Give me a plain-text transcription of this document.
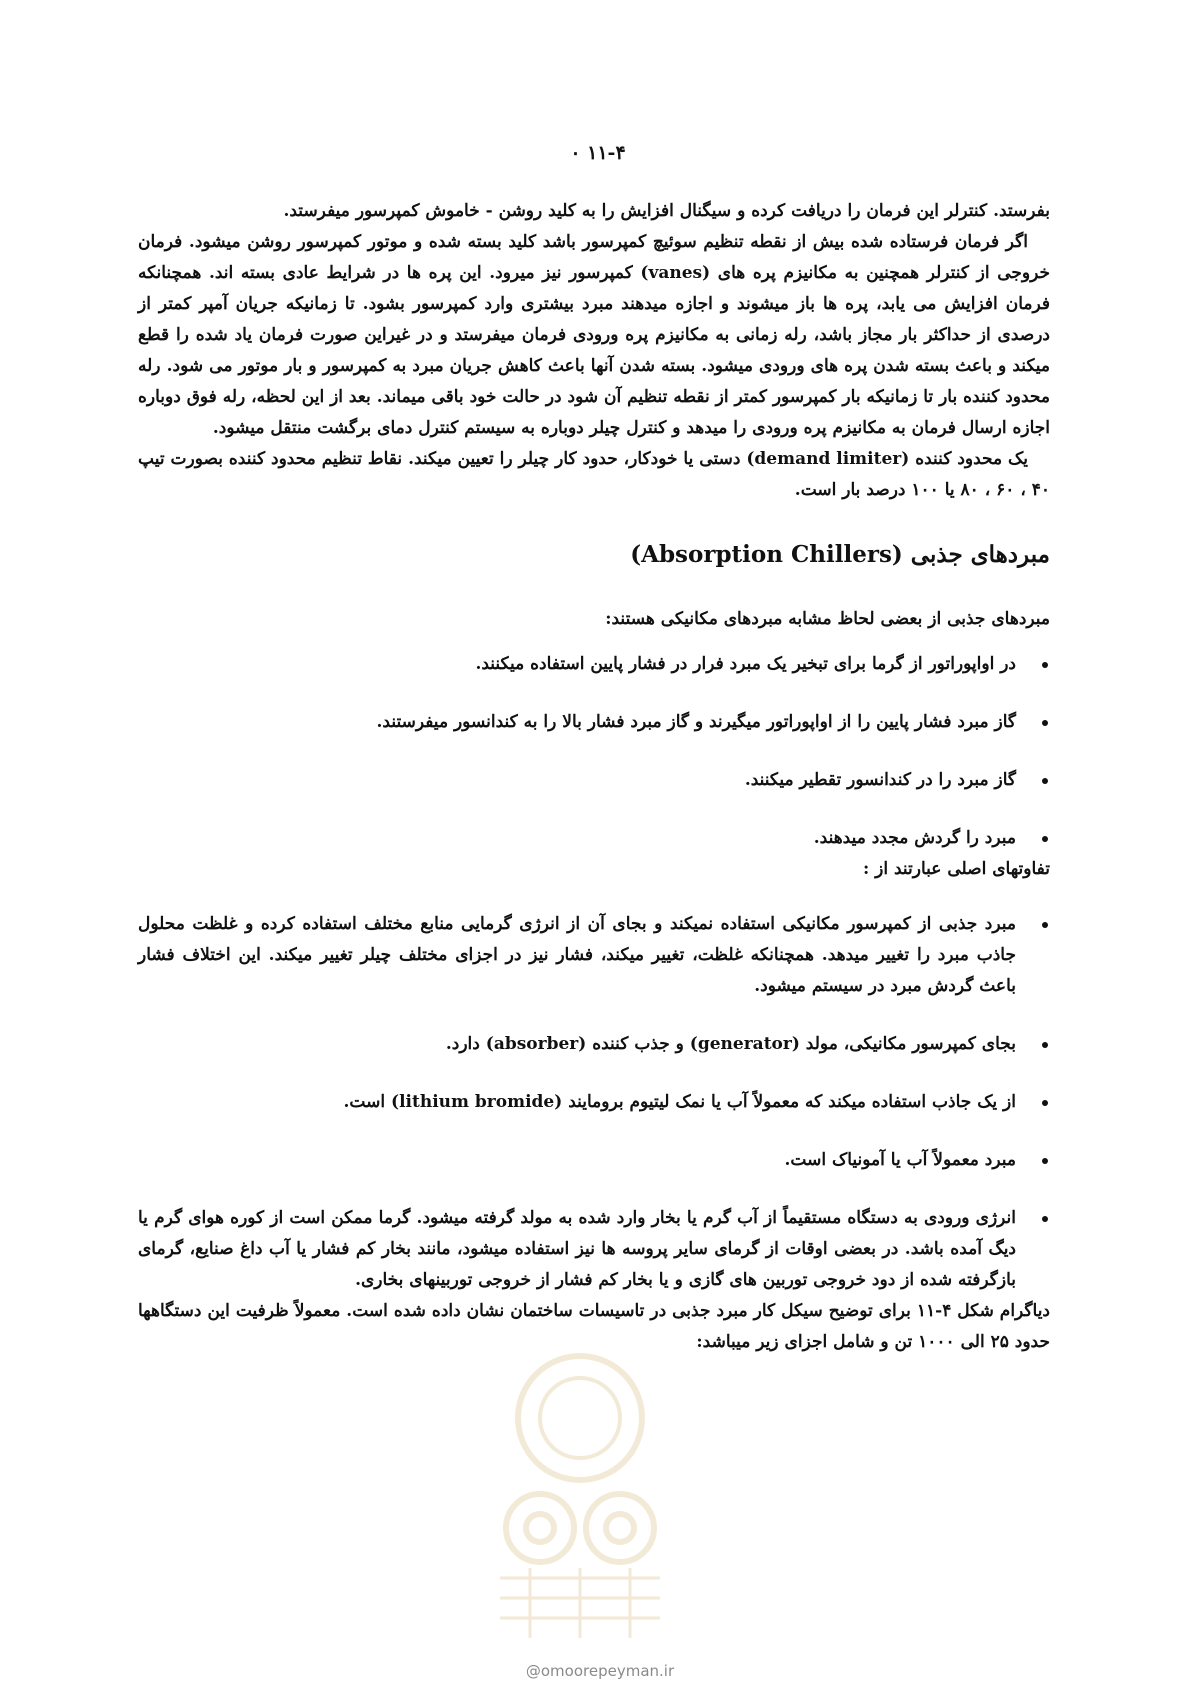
۰ ۱۱-۴

بفرستد. کنترلر این فرمان را دریافت کرده و سیگنال افزایش را به کلید روشن - خاموش کمپرسور میفرستد.

اگر فرمان فرستاده شده بیش از نقطه تنظیم سوئیچ کمپرسور باشد کلید بسته شده و موتور کمپرسور روشن میشود. فرمان خروجی از کنترلر همچنین به مکانیزم پره های (vanes) کمپرسور نیز میرود. این پره ها در شرایط عادی بسته اند. همچنانکه فرمان افزایش می یابد، پره ها باز میشوند و اجازه میدهند مبرد بیشتری وارد کمپرسور بشود. تا زمانیکه جریان آمپر کمتر از درصدی از حداکثر بار مجاز باشد، رله زمانی به مکانیزم پره ورودی فرمان میفرستد و در غیراین صورت فرمان یاد شده را قطع میکند و باعث بسته شدن پره های ورودی میشود. بسته شدن آنها باعث کاهش جریان مبرد به کمپرسور و بار موتور می شود. رله محدود کننده بار تا زمانیکه بار کمپرسور کمتر از نقطه تنظیم آن شود در حالت خود باقی میماند. بعد از این لحظه، رله فوق دوباره اجازه ارسال فرمان به مکانیزم پره ورودی را میدهد و کنترل چیلر دوباره به سیستم کنترل دمای برگشت منتقل میشود.

یک محدود کننده (demand limiter) دستی یا خودکار، حدود کار چیلر را تعیین میکند. نقاط تنظیم محدود کننده بصورت تیپ ۴۰ ، ۶۰ ، ۸۰ یا ۱۰۰ درصد بار است.

مبردهای جذبی (Absorption Chillers)

مبردهای جذبی از بعضی لحاظ مشابه مبردهای مکانیکی هستند:

در اواپوراتور از گرما برای تبخیر یک مبرد فرار در فشار پایین استفاده میکنند.
گاز مبرد فشار پایین را از اواپوراتور میگیرند و گاز مبرد فشار بالا را به کندانسور میفرستند.
گاز مبرد را در کندانسور تقطیر میکنند.
مبرد را گردش مجدد میدهند.

تفاوتهای اصلی عبارتند از :

مبرد جذبی از کمپرسور مکانیکی استفاده نمیکند و بجای آن از انرژی گرمایی منابع مختلف استفاده کرده و غلظت محلول جاذب مبرد را تغییر میدهد. همچنانکه غلظت، تغییر میکند، فشار نیز در اجزای مختلف چیلر تغییر میکند. این اختلاف فشار باعث گردش مبرد در سیستم میشود.
بجای کمپرسور مکانیکی، مولد (generator) و جذب کننده (absorber) دارد.
از یک جاذب استفاده میکند که معمولاً آب یا نمک لیتیوم برومایند (lithium bromide) است.
مبرد معمولاً آب یا آمونیاک است.
انرژی ورودی به دستگاه مستقیماً از آب گرم یا بخار وارد شده به مولد گرفته میشود. گرما ممکن است از کوره هوای گرم یا دیگ آمده باشد. در بعضی اوقات از گرمای سایر پروسه ها نیز استفاده میشود، مانند بخار کم فشار یا آب داغ صنایع، گرمای بازگرفته شده از دود خروجی توربین های گازی و یا بخار کم فشار از خروجی توربینهای بخاری.

دیاگرام شکل ۴-۱۱ برای توضیح سیکل کار مبرد جذبی در تاسیسات ساختمان نشان داده شده است. معمولاً ظرفیت این دستگاهها حدود ۲۵ الی ۱۰۰۰ تن و شامل اجزای زیر میباشد:

@omoorepeyman.ir
